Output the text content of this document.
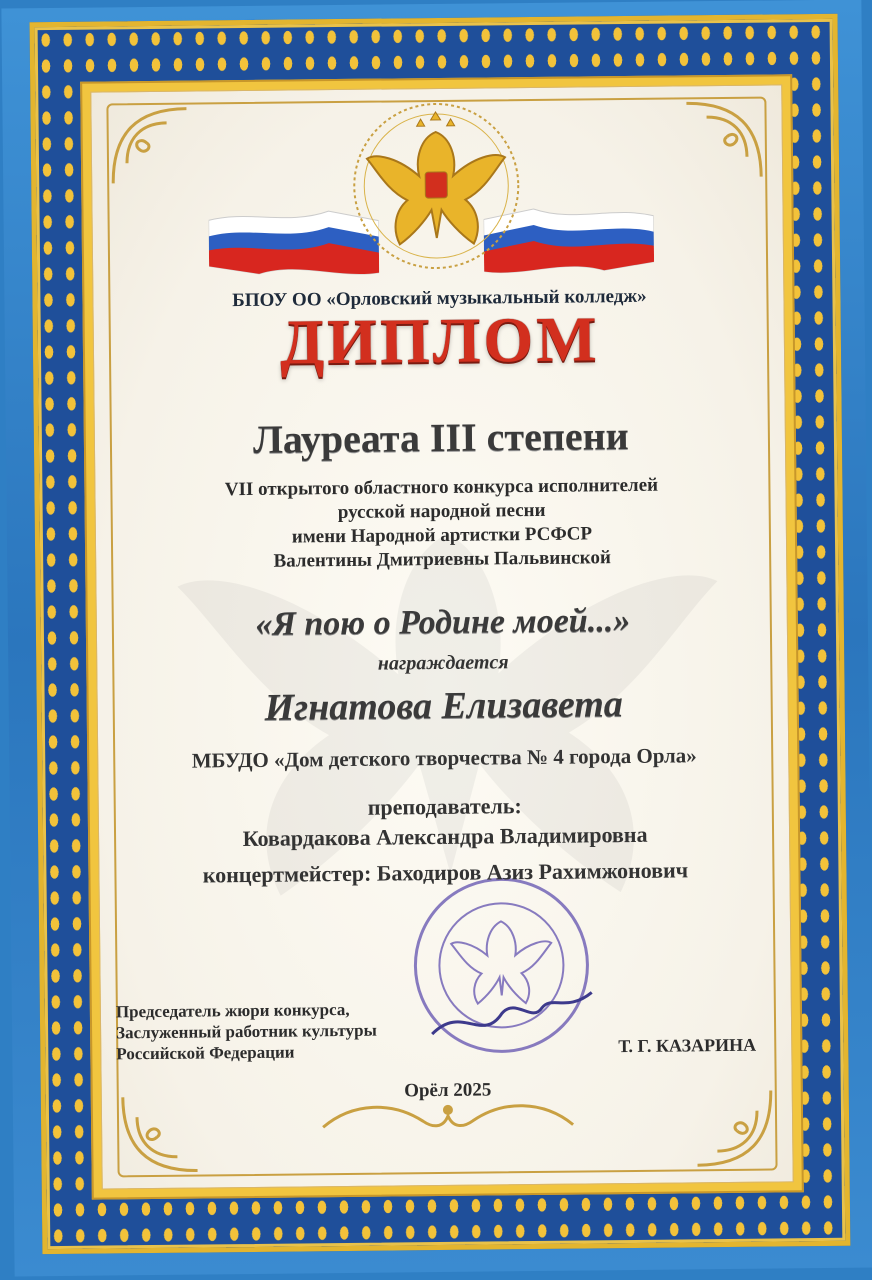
БПОУ ОО «Орловский музыкальный колледж»
ДИПЛОМ
Лауреата III степени
VII открытого областного конкурса исполнителей
русской народной песни
имени Народной артистки РСФСР
Валентины Дмитриевны Пальвинской
«Я пою о Родине моей...»
награждается
Игнатова Елизавета
МБУДО «Дом детского творчества № 4 города Орла»
преподаватель:
Ковардакова Александра Владимировна
концертмейстер: Баходиров Азиз Рахимжонович
Председатель жюри конкурса,
Заслуженный работник культуры
Российской Федерации	Т. Г. КАЗАРИНА
Орёл 2025
